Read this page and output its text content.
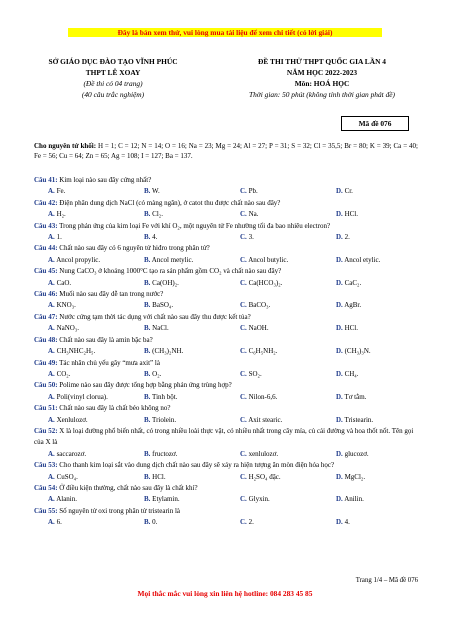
Đây là bản xem thử, vui lòng mua tài liệu để xem chi tiết (có lời giải)
SỞ GIÁO DỤC ĐÀO TẠO VĨNH PHÚC
THPT LÊ XOAY
(Đề thi có 04 trang)
(40 câu trắc nghiệm)
ĐỀ THI THỬ THPT QUỐC GIA LẦN 4
NĂM HỌC 2022-2023
Môn: HOÁ HỌC
Thời gian: 50 phút (không tính thời gian phát đề)
Mã đề 076
Cho nguyên tử khối: H = 1; C = 12; N = 14; O = 16; Na = 23; Mg = 24; Al = 27; P = 31; S = 32; Cl = 35,5; Br = 80; K = 39; Ca = 40; Fe = 56; Cu = 64; Zn = 65; Ag = 108; I = 127; Ba = 137.
Câu 41: Kim loại nào sau đây cứng nhất?
A. Fe.	B. W.	C. Pb.	D. Cr.
Câu 42: Điện phân dung dịch NaCl (có màng ngăn), ở catot thu được chất nào sau đây?
A. H₂.	B. Cl₂.	C. Na.	D. HCl.
Câu 43: Trong phản ứng của kim loại Fe với khí O₂, một nguyên tử Fe nhường tối đa bao nhiêu electron?
A. 1.	B. 4.	C. 3.	D. 2.
Câu 44: Chất nào sau đây có 6 nguyên tử hiđro trong phân tử?
A. Ancol propylic.	B. Ancol metylic.	C. Ancol butylic.	D. Ancol etylic.
Câu 45: Nung CaCO₃ ở khoảng 1000°C tạo ra sản phẩm gồm CO₂ và chất nào sau đây?
A. CaO.	B. Ca(OH)₂.	C. Ca(HCO₃)₂.	D. CaC₂.
Câu 46: Muối nào sau đây dễ tan trong nước?
A. KNO₃.	B. BaSO₄.	C. BaCO₃.	D. AgBr.
Câu 47: Nước cứng tạm thời tác dụng với chất nào sau đây thu được kết tủa?
A. NaNO₃.	B. NaCl.	C. NaOH.	D. HCl.
Câu 48: Chất nào sau đây là amin bậc ba?
A. CH₃NHC₂H₅.	B. (CH₃)₂NH.	C. C₆H₅NH₂.	D. (CH₃)₃N.
Câu 49: Tác nhân chủ yếu gây “mưa axit” là
A. CO₂.	B. O₂.	C. SO₂.	D. CH₄.
Câu 50: Polime nào sau đây được tổng hợp bằng phản ứng trùng hợp?
A. Poli(vinyl clorua).	B. Tinh bột.	C. Nilon-6,6.	D. Tơ tằm.
Câu 51: Chất nào sau đây là chất béo không no?
A. Xenlulozơ.	B. Triolein.	C. Axit stearic.	D. Tristearin.
Câu 52: X là loại đường phổ biến nhất, có trong nhiều loài thực vật, có nhiều nhất trong cây mía, củ cải đường và hoa thốt nốt. Tên gọi của X là
A. saccarozơ.	B. fructozơ.	C. xenlulozơ.	D. glucozơ.
Câu 53: Cho thanh kim loại sắt vào dung dịch chất nào sau đây sẽ xảy ra hiện tượng ăn mòn điện hóa học?
A. CuSO₄.	B. HCl.	C. H₂SO₄ đặc.	D. MgCl₂.
Câu 54: Ở điều kiện thường, chất nào sau đây là chất khí?
A. Alanin.	B. Etylamin.	C. Glyxin.	D. Anilin.
Câu 55: Số nguyên tử oxi trong phân tử tristearin là
A. 6.	B. 0.	C. 2.	D. 4.
Trang 1/4 – Mã đề 076
Mọi thắc mắc vui lòng xin liên hệ hotline: 084 283 45 85
